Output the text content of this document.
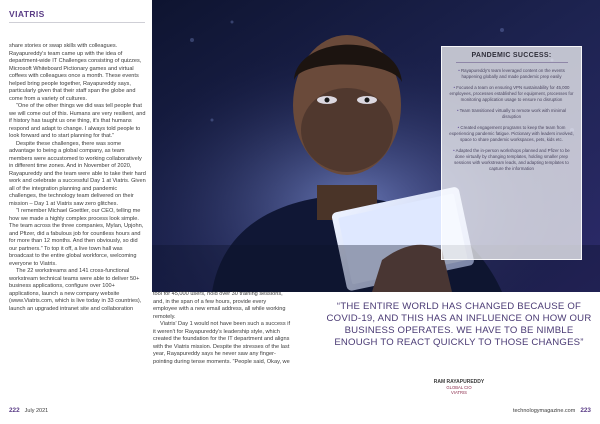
VIATRIS

share stories or swap skills with colleagues. Rayapureddy's team came up with the idea of department-wide IT Challenges consisting of quizzes, Microsoft Whiteboard Pictionary games and virtual coffees with colleagues once a month. These events helped bring people together, Rayapureddy says, particularly given that their staff span the globe and come from a variety of cultures.

“One of the other things we did was tell people that we will come out of this. Humans are very resilient, and if history has taught us one thing, it's that humans respond and adapt to change. I always told people to look forward and to start planning for that.”

Despite these challenges, there was some advantage to being a global company, as team members were accustomed to working collaboratively in different time zones. And in November of 2020, Rayapureddy and the team were able to take their hard work and celebrate a successful Day 1 at Viatris. Given all of the integration planning and pandemic challenges, the technology team delivered on their mission – Day 1 at Viatris saw zero glitches.

“I remember Michael Goettler, our CEO, telling me how we made a highly complex process look simple. The team across the three companies, Mylan, Upjohn, and Pfizer, did a fabulous job for countless hours and for more than 12 months. And then obviously, so did our partners.” To top it off, a live town hall was broadcast to the entire global workforce, welcoming everyone to Viatris.

The 22 workstreams and 141 cross-functional workstream technical teams were able to deliver 50+ business applications, configure over 100+ applications, launch a new company website (www.Viatris.com, which is live today in 33 countries), launch an upgraded intranet site and collaboration

PANDEMIC SUCCESS:
• Rayapureddy's team leveraged content on the events happening globally and made pandemic prep easily
• Focused a team on ensuring VPN sustainability for 45,000 employees, processes established for equipment, processes for monitoring application usage to ensure no disruption
• Team transitioned virtually to remote work with minimal disruption
• Created engagement programs to keep the team from experiencing pandemic fatigue. Pictionary with leaders involved, space to share pandemic workspaces, pets, kids etc.
• Adapted the in-person workshops planned and Pfizer to be done virtually by changing templates, holding smaller prep sessions with workstream leads, and adapting templates to capture the information

tool for 45,000 users, hold over 30 training sessions, and, in the span of a few hours, provide every employee with a new email address, all while working remotely.

Viatris' Day 1 would not have been such a success if it weren't for Rayapureddy's leadership style, which created the foundation for the IT department and aligns with the Viatris mission. Despite the stresses of the last year, Rayapureddy says he never saw any finger-pointing during tense moments. “People said, Okay, we

“THE ENTIRE WORLD HAS CHANGED BECAUSE OF COVID-19, AND THIS HAS AN INFLUENCE ON HOW OUR BUSINESS OPERATES. WE HAVE TO BE NIMBLE ENOUGH TO REACT QUICKLY TO THOSE CHANGES”
RAM RAYAPUREDDY
GLOBAL CIO
VIATRIS
222 July 2021	technologymagazine.com 223
